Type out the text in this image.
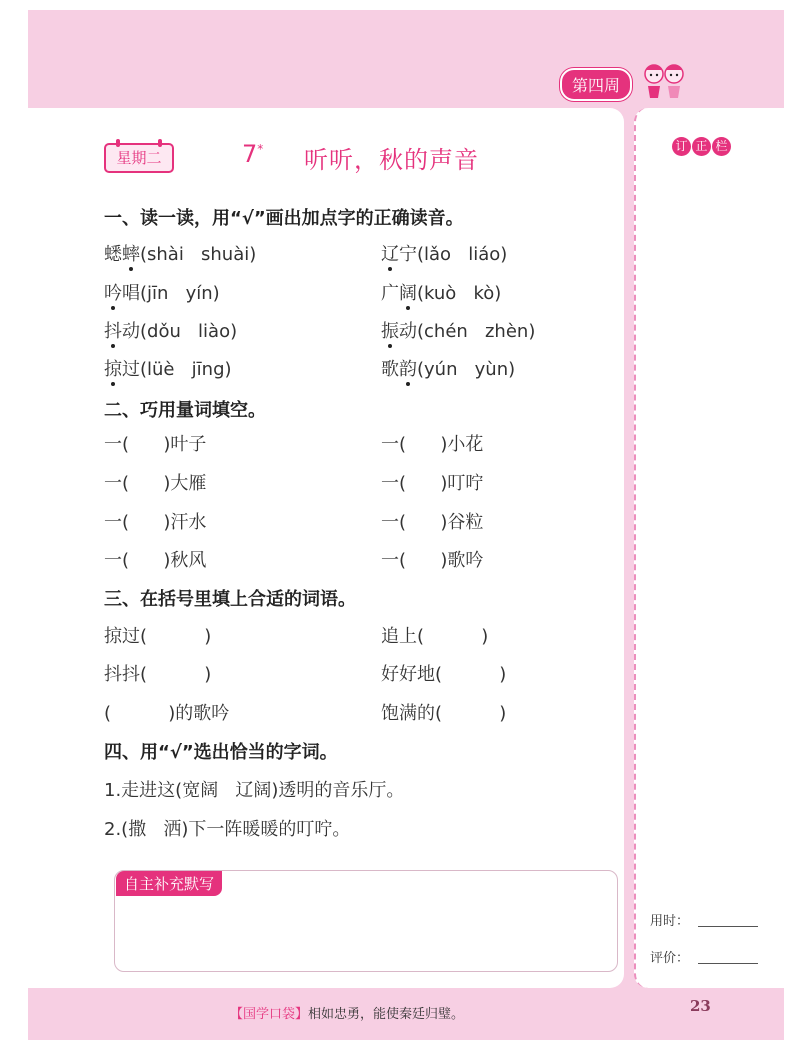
第四周
星期二	7* 听听，秋的声音	订 正 栏
一、读一读，用“√”画出加点字的正确读音。
蟋蟀(shài   shuài)	辽宁(lǎo   liáo)
吟唱(jīn   yín)	广阔(kuò   kò)
抖动(dǒu   liào)	振动(chén   zhèn)
掠过(lüè   jīng)	歌韵(yún   yùn)
二、巧用量词填空。
一(      )叶子	一(      )小花
一(      )大雁	一(      )叮咛
一(      )汗水	一(      )谷粒
一(      )秋风	一(      )歌吟
三、在括号里填上合适的词语。
掠过(          )	追上(          )
抖抖(          )	好好地(          )
(          )的歌吟	饱满的(          )
四、用“√”选出恰当的字词。
1.走进这(宽阔   辽阔)透明的音乐厅。
2.(撒   洒)下一阵暖暖的叮咛。
自主补充默写
用时：
评价：
【国学口袋】相如忠勇，能使秦廷归璧。	23
